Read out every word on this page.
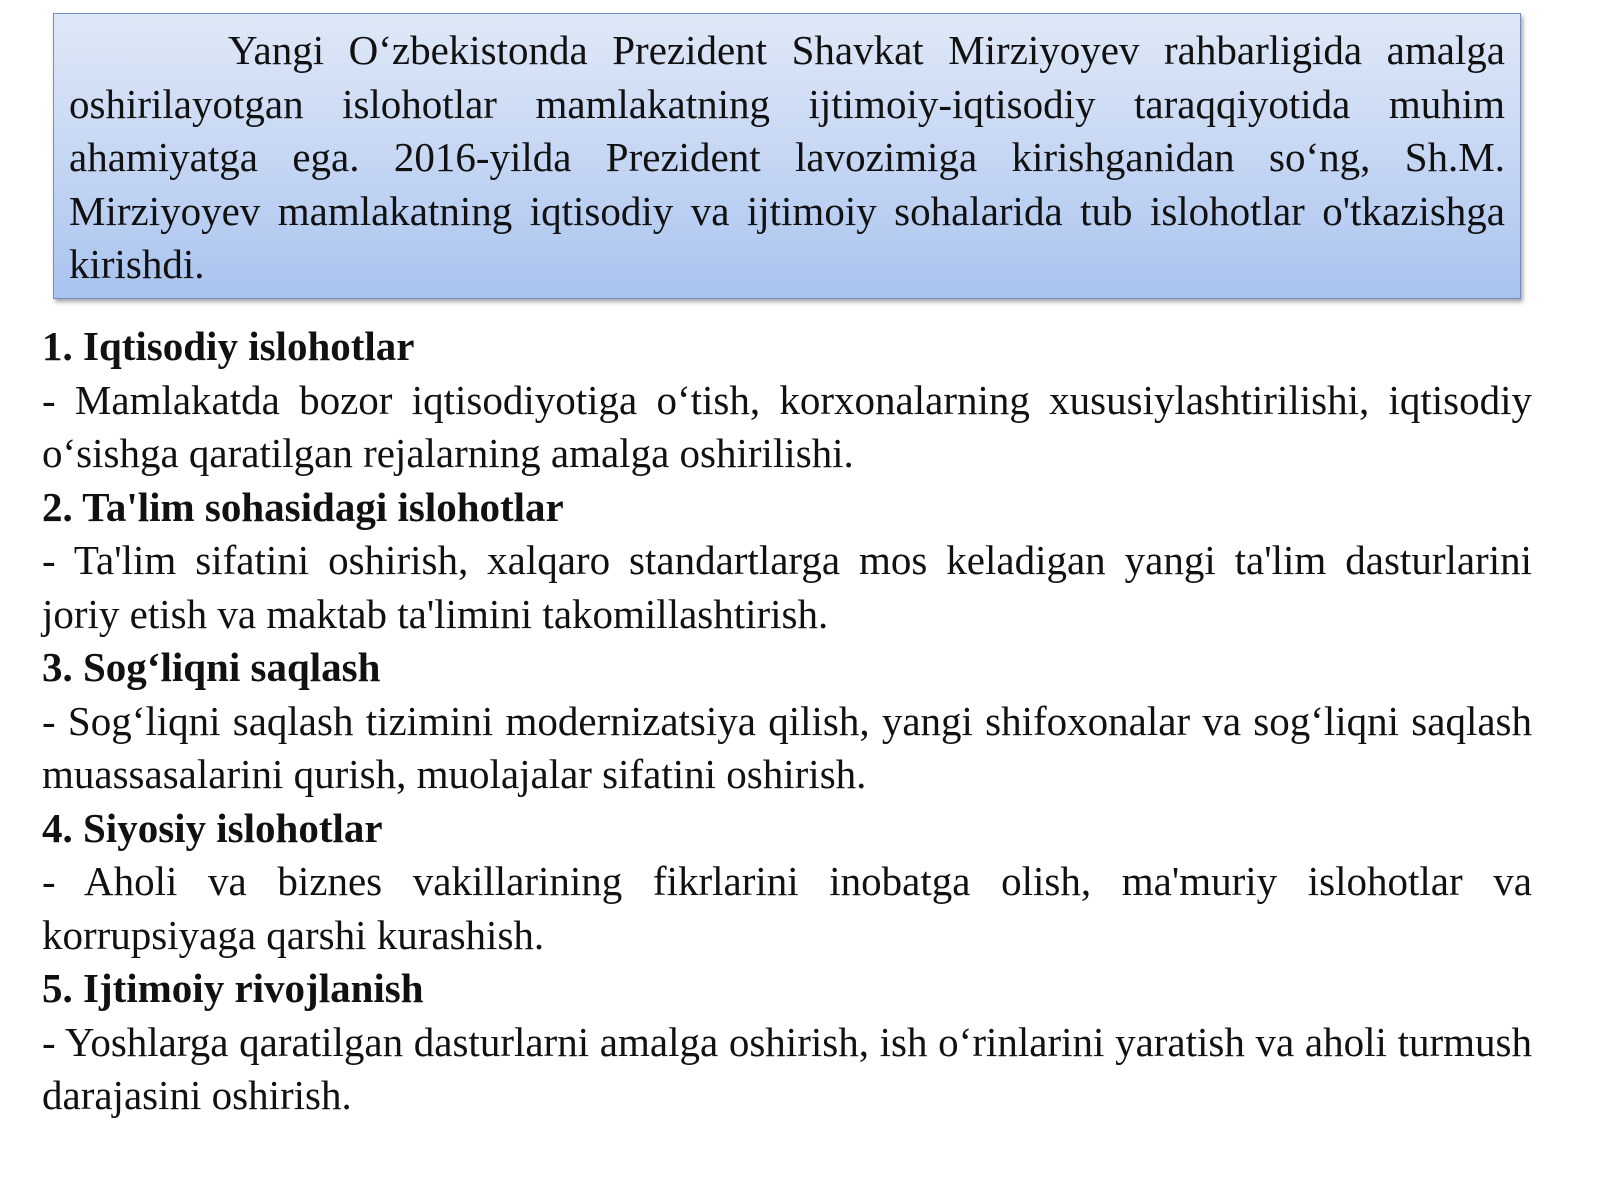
Yangi O‘zbekistonda Prezident Shavkat Mirziyoyev rahbarligida amalga oshirilayotgan islohotlar mamlakatning ijtimoiy-iqtisodiy taraqqiyotida muhim ahamiyatga ega. 2016-yilda Prezident lavozimiga kirishganidan so‘ng, Sh.M. Mirziyoyev mamlakatning iqtisodiy va ijtimoiy sohalarida tub islohotlar o'tkazishga kirishdi.

1. Iqtisodiy islohotlar

- Mamlakatda bozor iqtisodiyotiga o‘tish, korxonalarning xususiylashtirilishi, iqtisodiy o‘sishga qaratilgan rejalarning amalga oshirilishi.

2. Ta'lim sohasidagi islohotlar

- Ta'lim sifatini oshirish, xalqaro standartlarga mos keladigan yangi ta'lim dasturlarini joriy etish va maktab ta'limini takomillashtirish.

3. Sog‘liqni saqlash

- Sog‘liqni saqlash tizimini modernizatsiya qilish, yangi shifoxonalar va sog‘liqni saqlash muassasalarini qurish, muolajalar sifatini oshirish.

4. Siyosiy islohotlar

- Aholi va biznes vakillarining fikrlarini inobatga olish, ma'muriy islohotlar va korrupsiyaga qarshi kurashish.

5. Ijtimoiy rivojlanish

- Yoshlarga qaratilgan dasturlarni amalga oshirish, ish o‘rinlarini yaratish va aholi turmush darajasini oshirish.
